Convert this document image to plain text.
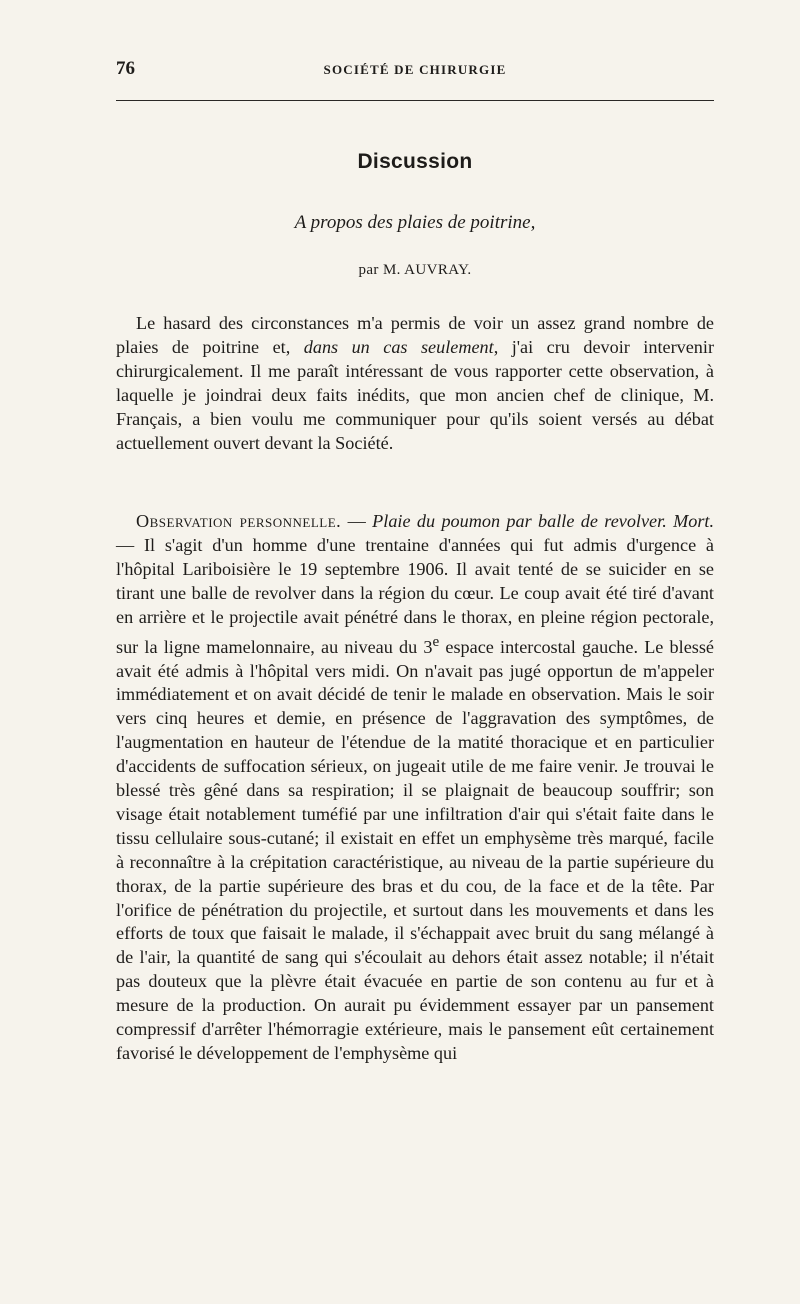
76	SOCIÉTÉ DE CHIRURGIE
Discussion
A propos des plaies de poitrine,
par M. AUVRAY.

Le hasard des circonstances m'a permis de voir un assez grand nombre de plaies de poitrine et, dans un cas seulement, j'ai cru devoir intervenir chirurgicalement. Il me paraît intéressant de vous rapporter cette observation, à laquelle je joindrai deux faits inédits, que mon ancien chef de clinique, M. Français, a bien voulu me communiquer pour qu'ils soient versés au débat actuellement ouvert devant la Société.

Observation personnelle. — Plaie du poumon par balle de revolver. Mort. — Il s'agit d'un homme d'une trentaine d'années qui fut admis d'urgence à l'hôpital Lariboisière le 19 septembre 1906. Il avait tenté de se suicider en se tirant une balle de revolver dans la région du cœur. Le coup avait été tiré d'avant en arrière et le projectile avait pénétré dans le thorax, en pleine région pectorale, sur la ligne mamelonnaire, au niveau du 3e espace intercostal gauche. Le blessé avait été admis à l'hôpital vers midi. On n'avait pas jugé opportun de m'appeler immédiatement et on avait décidé de tenir le malade en observation. Mais le soir vers cinq heures et demie, en présence de l'aggravation des symptômes, de l'augmentation en hauteur de l'étendue de la matité thoracique et en particulier d'accidents de suffocation sérieux, on jugeait utile de me faire venir. Je trouvai le blessé très gêné dans sa respiration; il se plaignait de beaucoup souffrir; son visage était notablement tuméfié par une infiltration d'air qui s'était faite dans le tissu cellulaire sous-cutané; il existait en effet un emphysème très marqué, facile à reconnaître à la crépitation caractéristique, au niveau de la partie supérieure du thorax, de la partie supérieure des bras et du cou, de la face et de la tête. Par l'orifice de pénétration du projectile, et surtout dans les mouvements et dans les efforts de toux que faisait le malade, il s'échappait avec bruit du sang mélangé à de l'air, la quantité de sang qui s'écoulait au dehors était assez notable; il n'était pas douteux que la plèvre était évacuée en partie de son contenu au fur et à mesure de la production. On aurait pu évidemment essayer par un pansement compressif d'arrêter l'hémorragie extérieure, mais le pansement eût certainement favorisé le développement de l'emphysème qui
